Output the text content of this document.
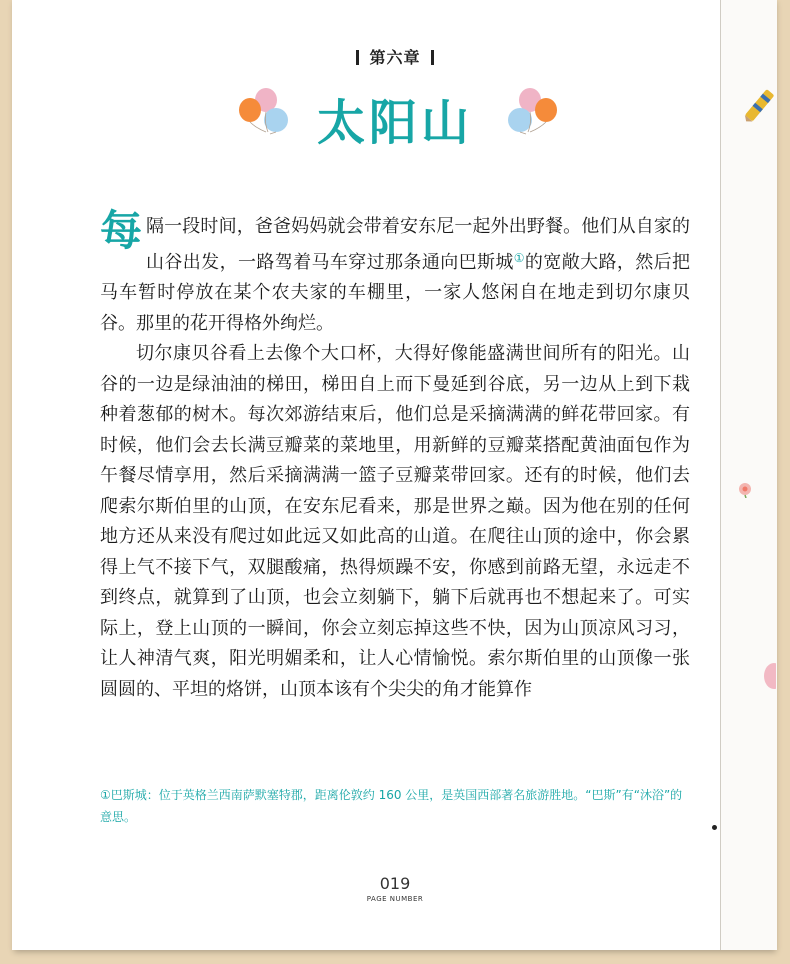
第六章
太阳山

每隔一段时间，爸爸妈妈就会带着安东尼一起外出野餐。他们从自家的山谷出发，一路驾着马车穿过那条通向巴斯城①的宽敞大路，然后把马车暂时停放在某个农夫家的车棚里，一家人悠闲自在地走到切尔康贝谷。那里的花开得格外绚烂。

切尔康贝谷看上去像个大口杯，大得好像能盛满世间所有的阳光。山谷的一边是绿油油的梯田，梯田自上而下曼延到谷底，另一边从上到下栽种着葱郁的树木。每次郊游结束后，他们总是采摘满满的鲜花带回家。有时候，他们会去长满豆瓣菜的菜地里，用新鲜的豆瓣菜搭配黄油面包作为午餐尽情享用，然后采摘满满一篮子豆瓣菜带回家。还有的时候，他们去爬索尔斯伯里的山顶，在安东尼看来，那是世界之巅。因为他在别的任何地方还从来没有爬过如此远又如此高的山道。在爬往山顶的途中，你会累得上气不接下气，双腿酸痛，热得烦躁不安，你感到前路无望，永远走不到终点，就算到了山顶，也会立刻躺下，躺下后就再也不想起来了。可实际上，登上山顶的一瞬间，你会立刻忘掉这些不快，因为山顶凉风习习，让人神清气爽，阳光明媚柔和，让人心情愉悦。索尔斯伯里的山顶像一张圆圆的、平坦的烙饼，山顶本该有个尖尖的角才能算作

①巴斯城：位于英格兰西南萨默塞特郡，距离伦敦约 160 公里，是英国西部著名旅游胜地。“巴斯”有“沐浴”的意思。
019
PAGE NUMBER
